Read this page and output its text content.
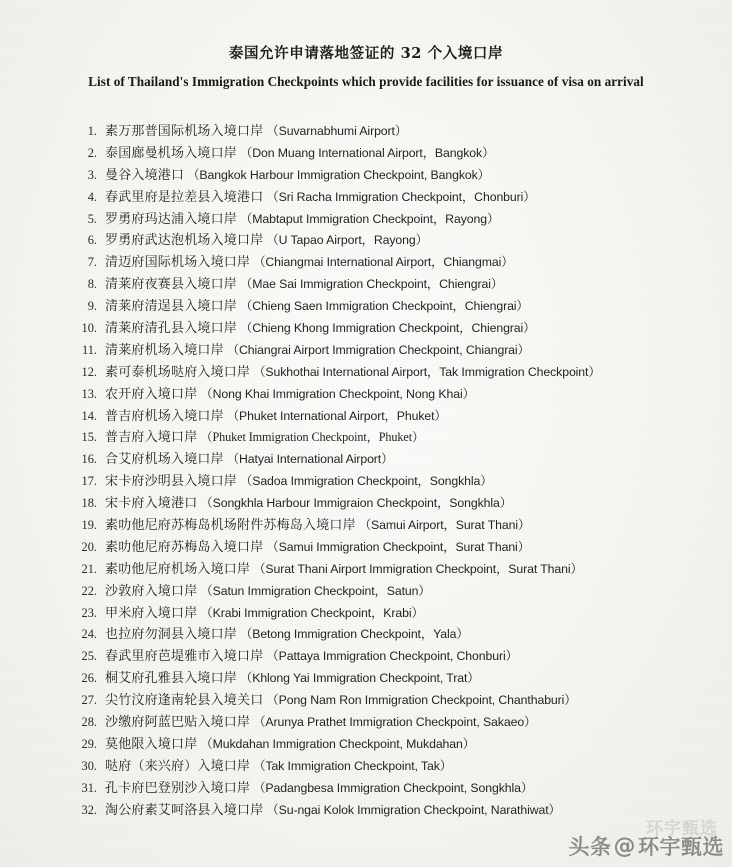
泰国允许申请落地签证的 32 个入境口岸
List of Thailand's Immigration Checkpoints which provide facilities for issuance of visa on arrival
1. 素万那普国际机场入境口岸 （Suvarnabhumi Airport）
2. 泰国廊曼机场入境口岸 （Don Muang International Airport，Bangkok）
3. 曼谷入境港口 （Bangkok Harbour Immigration Checkpoint, Bangkok）
4. 春武里府是拉差县入境港口 （Sri Racha Immigration Checkpoint，Chonburi）
5. 罗勇府玛达浦入境口岸 （Mabtaput Immigration Checkpoint，Rayong）
6. 罗勇府武达泡机场入境口岸 （U Tapao Airport，Rayong）
7. 清迈府国际机场入境口岸 （Chiangmai International Airport，Chiangmai）
8. 清莱府夜赛县入境口岸 （Mae Sai Immigration Checkpoint，Chiengrai）
9. 清莱府清逞县入境口岸 （Chieng Saen Immigration Checkpoint，Chiengrai）
10. 清莱府清孔县入境口岸 （Chieng Khong Immigration Checkpoint，Chiengrai）
11. 清莱府机场入境口岸 （Chiangrai Airport Immigration Checkpoint, Chiangrai）
12. 素可泰机场哒府入境口岸 （Sukhothai International Airport，Tak Immigration Checkpoint）
13. 农开府入境口岸 （Nong Khai Immigration Checkpoint, Nong Khai）
14. 普吉府机场入境口岸 （Phuket International Airport，Phuket）
15. 普吉府入境口岸 （Phuket Immigration Checkpoint，Phuket）
16. 合艾府机场入境口岸 （Hatyai International Airport）
17. 宋卡府沙明县入境口岸 （Sadoa Immigration Checkpoint，Songkhla）
18. 宋卡府入境港口 （Songkhla Harbour Immigraion Checkpoint，Songkhla）
19. 素叻他尼府苏梅岛机场附件苏梅岛入境口岸 （Samui Airport，Surat Thani）
20. 素叻他尼府苏梅岛入境口岸 （Samui Immigration Checkpoint，Surat Thani）
21. 素叻他尼府机场入境口岸 （Surat Thani Airport Immigration Checkpoint，Surat Thani）
22. 沙敦府入境口岸 （Satun Immigration Checkpoint，Satun）
23. 甲米府入境口岸 （Krabi Immigration Checkpoint，Krabi）
24. 也拉府勿洞县入境口岸 （Betong Immigration Checkpoint，Yala）
25. 春武里府芭堤雅市入境口岸 （Pattaya Immigration Checkpoint, Chonburi）
26. 桐艾府孔雅县入境口岸 （Khlong Yai Immigration Checkpoint, Trat）
27. 尖竹汶府逢南轮县入境关口 （Pong Nam Ron Immigration Checkpoint, Chanthaburi）
28. 沙缴府阿蓝巴贴入境口岸 （Arunya Prathet Immigration Checkpoint, Sakaeo）
29. 莫他限入境口岸 （Mukdahan Immigration Checkpoint, Mukdahan）
30. 哒府（来兴府）入境口岸 （Tak Immigration Checkpoint, Tak）
31. 孔卡府巴登别沙入境口岸 （Padangbesa Immigration Checkpoint, Songkhla）
32. 淘公府素艾呵洛县入境口岸 （Su-ngai Kolok Immigration Checkpoint, Narathiwat）
环宇甄选
头条 @ 环宇甄选
